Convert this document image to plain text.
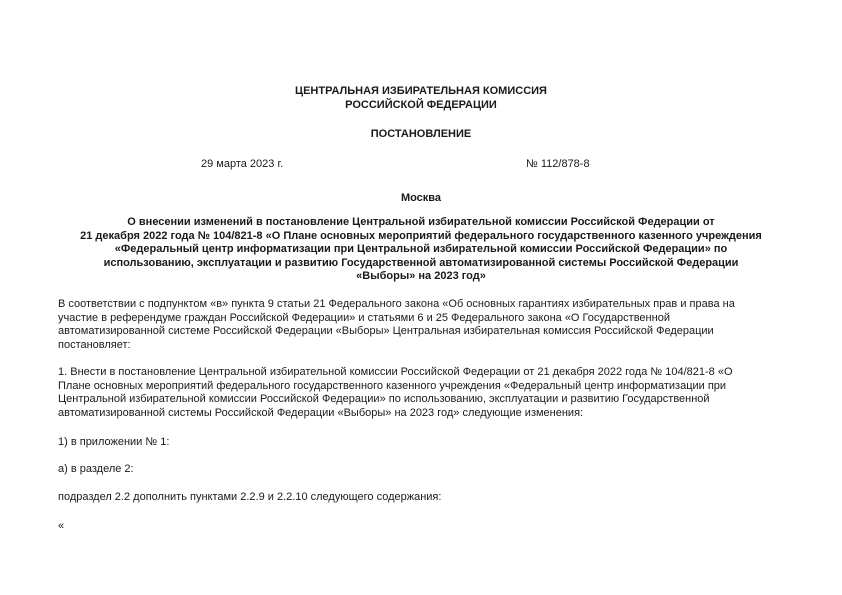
ЦЕНТРАЛЬНАЯ ИЗБИРАТЕЛЬНАЯ КОМИССИЯ
РОССИЙСКОЙ ФЕДЕРАЦИИ
ПОСТАНОВЛЕНИЕ
29 марта 2023 г.	№ 112/878-8
Москва
О внесении изменений в постановление Центральной избирательной комиссии Российской Федерации от
21 декабря 2022 года № 104/821-8 «О Плане основных мероприятий федерального государственного казенного учреждения
«Федеральный центр информатизации при Центральной избирательной комиссии Российской Федерации» по
использованию, эксплуатации и развитию Государственной автоматизированной системы Российской Федерации
«Выборы» на 2023 год»
В соответствии с подпунктом «в» пункта 9 статьи 21 Федерального закона «Об основных гарантиях избирательных прав и права на
участие в референдуме граждан Российской Федерации» и статьями 6 и 25 Федерального закона «О Государственной
автоматизированной системе Российской Федерации «Выборы» Центральная избирательная комиссия Российской Федерации
постановляет:
1. Внести в постановление Центральной избирательной комиссии Российской Федерации от 21 декабря 2022 года № 104/821-8 «О
Плане основных мероприятий федерального государственного казенного учреждения «Федеральный центр информатизации при
Центральной избирательной комиссии Российской Федерации» по использованию, эксплуатации и развитию Государственной
автоматизированной системы Российской Федерации «Выборы» на 2023 год» следующие изменения:
1) в приложении № 1:
а) в разделе 2:
подраздел 2.2 дополнить пунктами 2.2.9 и 2.2.10 следующего содержания:
«
